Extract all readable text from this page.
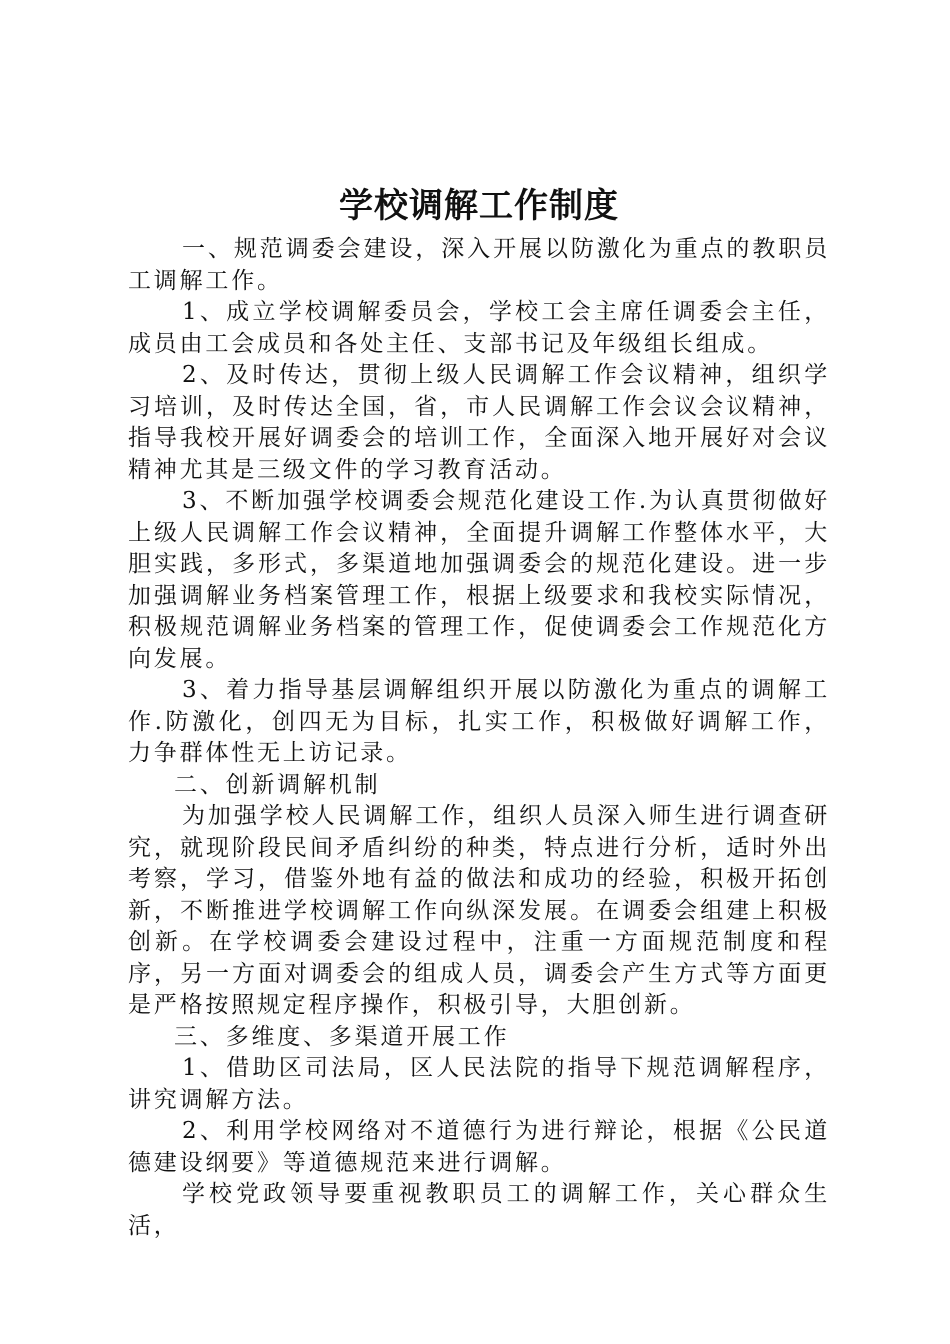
学校调解工作制度

一、规范调委会建设，深入开展以防激化为重点的教职员工调解工作。

1、成立学校调解委员会，学校工会主席任调委会主任，成员由工会成员和各处主任、支部书记及年级组长组成。

2、及时传达，贯彻上级人民调解工作会议精神，组织学习培训，及时传达全国，省，市人民调解工作会议会议精神，指导我校开展好调委会的培训工作，全面深入地开展好对会议精神尤其是三级文件的学习教育活动。

3、不断加强学校调委会规范化建设工作.为认真贯彻做好上级人民调解工作会议精神，全面提升调解工作整体水平，大胆实践，多形式，多渠道地加强调委会的规范化建设。进一步加强调解业务档案管理工作，根据上级要求和我校实际情况，积极规范调解业务档案的管理工作，促使调委会工作规范化方向发展。

3、着力指导基层调解组织开展以防激化为重点的调解工作.防激化，创四无为目标，扎实工作，积极做好调解工作，力争群体性无上访记录。

二、创新调解机制

为加强学校人民调解工作，组织人员深入师生进行调查研究，就现阶段民间矛盾纠纷的种类，特点进行分析，适时外出考察，学习，借鉴外地有益的做法和成功的经验，积极开拓创新，不断推进学校调解工作向纵深发展。在调委会组建上积极创新。在学校调委会建设过程中，注重一方面规范制度和程序，另一方面对调委会的组成人员，调委会产生方式等方面更是严格按照规定程序操作，积极引导，大胆创新。

三、多维度、多渠道开展工作

1、借助区司法局，区人民法院的指导下规范调解程序，讲究调解方法。

2、利用学校网络对不道德行为进行辩论，根据《公民道德建设纲要》等道德规范来进行调解。

学校党政领导要重视教职员工的调解工作，关心群众生活，
